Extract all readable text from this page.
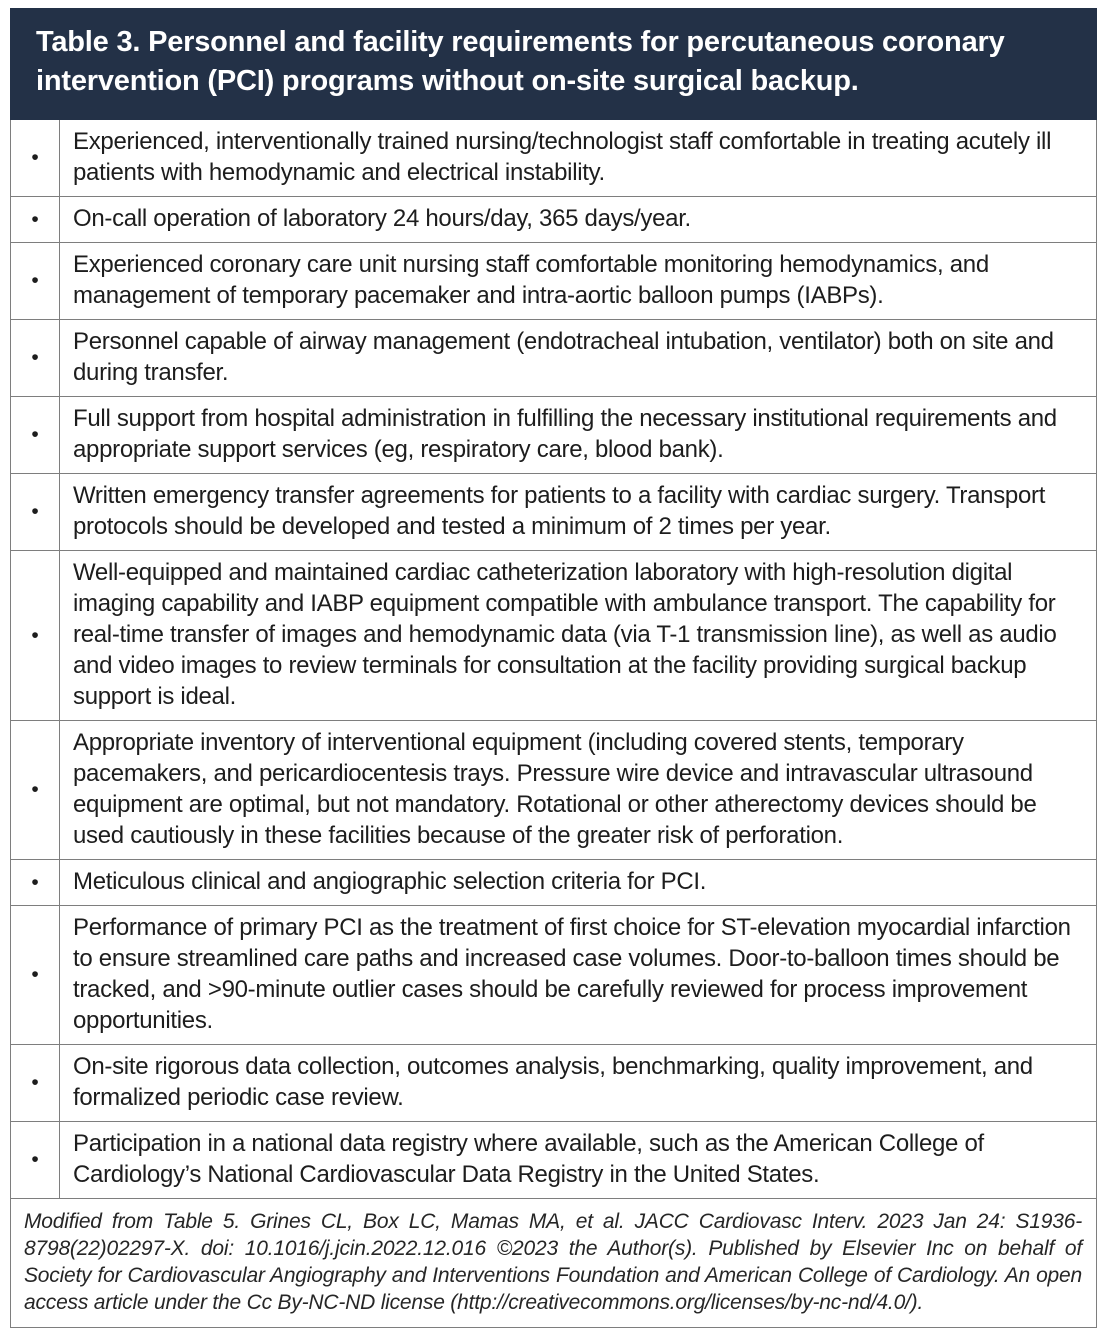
Table 3. Personnel and facility requirements for percutaneous coronary intervention (PCI) programs without on-site surgical backup.
•
Experienced, interventionally trained nursing/technologist staff comfortable in treating acutely ill patients with hemodynamic and electrical instability.
•	On-call operation of laboratory 24 hours/day, 365 days/year.
•
Experienced coronary care unit nursing staff comfortable monitoring hemodynamics, and management of temporary pacemaker and intra-aortic balloon pumps (IABPs).
•
Personnel capable of airway management (endotracheal intubation, ventilator) both on site and during transfer.
•
Full support from hospital administration in fulfilling the necessary institutional requirements and appropriate support services (eg, respiratory care, blood bank).
•
Written emergency transfer agreements for patients to a facility with cardiac surgery. Transport protocols should be developed and tested a minimum of 2 times per year.
•
Well-equipped and maintained cardiac catheterization laboratory with high-resolution digital imaging capability and IABP equipment compatible with ambulance transport. The capability for real-time transfer of images and hemodynamic data (via T-1 transmission line), as well as audio and video images to review terminals for consultation at the facility providing surgical backup support is ideal.
•
Appropriate inventory of interventional equipment (including covered stents, temporary pacemakers, and pericardiocentesis trays. Pressure wire device and intravascular ultrasound equipment are optimal, but not mandatory. Rotational or other atherectomy devices should be used cautiously in these facilities because of the greater risk of perforation.
•	Meticulous clinical and angiographic selection criteria for PCI.
•
Performance of primary PCI as the treatment of first choice for ST-elevation myocardial infarction to ensure streamlined care paths and increased case volumes. Door-to-balloon times should be tracked, and >90-minute outlier cases should be carefully reviewed for process improvement opportunities.
•
On-site rigorous data collection, outcomes analysis, benchmarking, quality improvement, and formalized periodic case review.
•
Participation in a national data registry where available, such as the American College of Cardiology’s National Cardiovascular Data Registry in the United States.
Modified from Table 5. Grines CL, Box LC, Mamas MA, et al. JACC Cardiovasc Interv. 2023 Jan 24: S1936-8798(22)02297-X. doi: 10.1016/j.jcin.2022.12.016 ©2023 the Author(s). Published by Elsevier Inc on behalf of Society for Cardiovascular Angiography and Interventions Foundation and American College of Cardiology. An open access article under the Cc By-NC-ND license (http://creativecommons.org/licenses/by-nc-nd/4.0/).
